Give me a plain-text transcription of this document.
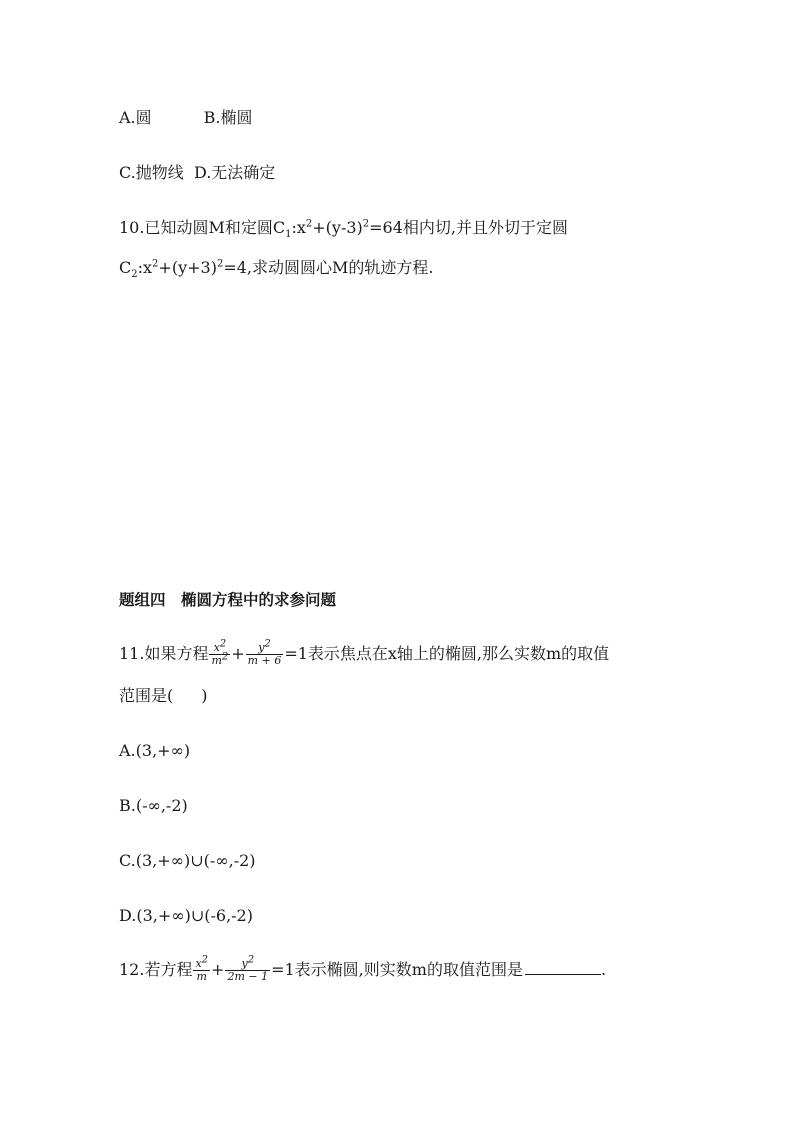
A.圆	B.椭圆
C.抛物线 D.无法确定
10.已知动圆M和定圆$C_1:x^2+(y-3)^2=64$相内切,并且外切于定圆
$C_2:x^2+(y+3)^2=4$,求动圆圆心M的轨迹方程.
题组四　椭圆方程中的求参问题
11.如果方程 $\frac{x^2}{m^2} + \frac{y^2}{m + 6} =1$表示焦点在x轴上的椭圆,那么实数m的取值
范围是( )
A.(3,+∞)
B.(-∞,-2)
C.(3,+∞)∪(-∞,-2)
D.(3,+∞)∪(-6,-2)
12.若方程 $\frac{x^2}{m} + \frac{y^2}{2m - 1} =1$表示椭圆,则实数m的取值范围是	.
